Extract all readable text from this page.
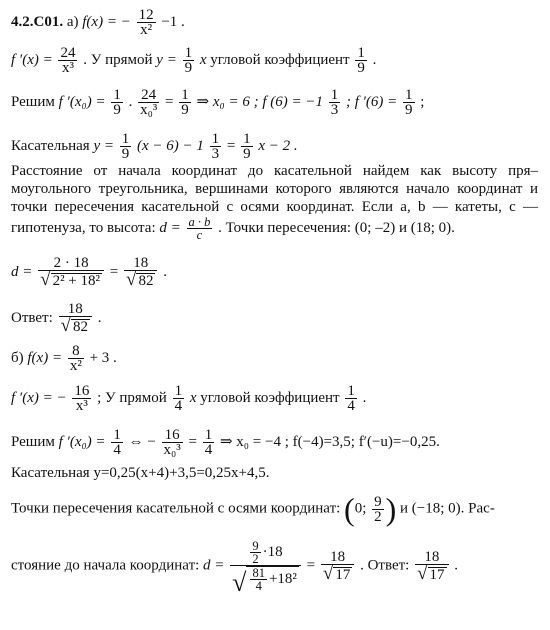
4.2.С01. а) f(x) = − $\frac{12}{\text{x²}} -1$ .
f $'(x) = \frac{24}{\text{x³}}$ . У прямой $y = \frac{1}{9}$ x угловой коэффициент $\frac{1}{9}$ .
Решим f $'(x_0) = \frac{1}{9}$ . $\frac{24}{\text{x₀³}} = \frac{1}{9}$ ⇒ x₀ = 6 ; f $(6) = -1 \frac{1}{3}$ ; f $'(6) = \frac{1}{9}$ ;
Касательная $y = \frac{1}{9} (x - 6) - 1 \frac{1}{3} = \frac{1}{9}$ x − 2 .
Расстояние от начала координат до касательной найдем как высоту пря–моугольного треугольника, вершинами которого являются начало координат и точки пересечения касательной с осями координат. Если a, b — катеты, c — гипотенуза, то высота: $d = \frac{a \cdot b}{c}$ . Точки пересечения: (0; –2) и (18; 0).
$d = \frac{2 \cdot 18}{\text{√ 2² + 18²}} = \frac{18}{√ 82}$ .
Ответ: $\frac{18}{√ 82}$ .
б) $f(x) = \frac{8}{\text{x²}} + 3$ .
f ′(x) = − $\frac{16}{\text{x³}}$ ; У прямой $\frac{1}{4}$ x угловой коэффициент $\frac{1}{4}$ .
Решим f $'(x_0) = \frac{1}{4}$ ⇔ − $\frac{16}{\text{x₀³}} = \frac{1}{4}$ ⇒ x₀ = −4 ; f(−4)=3,5; f′(−u)=−0,25.
Касательная y=0,25(x+4)+3,5=0,25x+4,5.
Точки пересечения касательной с осями координат: (0; $\frac{9}{2}$ ) и (−18; 0). Рас-
стояние до начала координат: $d = \frac{\frac{9}{2} \cdot 18}{√ \frac{81}{4} +18^2} = \frac{18}{√ 17}$ . Ответ: $\frac{18}{√ 17}$ .
